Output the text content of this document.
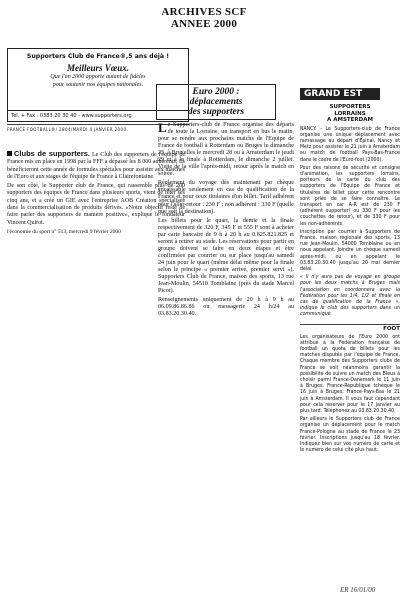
ARCHIVES SCF
ANNEE 2000
Supporters Club de France®,5 ans déjà !
Meilleurs Vœux.
Que l'an 2000 apporte autant de fidèles
pour soutenir nos équipes nationales.
Tél. + Fax : 0383 20 30 40 - www.supporters.org
FRANCE FOOTBALL®/ 2804/MARDI 4 JANVIER 2000

Clubs de supporters. Le Club des supporters de l'équipe de France mis en place en 1998 par la FFF a dépassé les 8 000 adhérents. Ils bénéficieront cette année de formules spéciales pour assister aux matches de l'Euro et aux stages de l'équipe de France à Clairefontaine.

De son côté, le Supporter club de France, qui rassemble plus de 200 supporters des équipes de France dans plusieurs sports, vient de fêter ses cinq ans, et a créé un GIE avec l'entreprise AOB Création spécialisée dans la commercialisation de produits dérivés. «Notre objectif reste de faire parler des supporters de manière positive», explique le fondateur Vincent Quirot.

l'économie du sport n° 513, mercredi 9 février 2000

Euro 2000 :
déplacements
des supporters

Le Supporters-club de France organise des départs de toute la Lorraine, un transport en bus le matin, pour se rendre aux prochains matchs de l'Equipe de France de football à Rotterdam ou Bruges le dimanche 25, à Bruxelles le mercredi 28 ou à Amsterdam le jeudi 29 et à la finale à Rotterdam, le dimanche 2 juillet. Visite de la ville l'après-midi, retour après le match en soirée.

Règlement du voyage dès maintenant par chèque encaissable seulement en cas de qualification de la France et pour ceux titulaires d'un billet. Tarif adhérent pour l'aller-retour : 230 F ; non adhérent : 330 F (quelle que soit la destination).

Les billets pour le quart, la demie et la finale respectivement de 320 F, 345 F et 555 F sont à acheter par carte bancaire de 9 h à 20 h au 0.825.821.825 et seront à retirer au stade. Les réservations pour partir en groupe doivent se faire en deux étapes et être confirmées par courrier ou sur place jusqu'au samedi 24 juin pour le quart (même délai même pour la finale selon le principe « premier arrivé, premier servi »). Supporters Club de France, maison des sports, 13 rue Jean-Moulin, 54510 Tomblaine (près du stade Marcel Picot).

Renseignements uniquement de 20 h à 9 h au 06.09.86.86.86 ou messagerie 24 h/24 au 03.83.20.30.40.

GRAND EST
SUPPORTERS
LORRAINS
A AMSTERDAM

NANCY. - Le Supporters-club de France organise une unique déplacement avec ramassage au départ d'Epinal, Nancy et Metz pour assister le 21 juin à Amsterdam au match de football Pays-Bas-France dans le cadre de l'Euro-foot (2000).

Pour des raisons de sécurité et consigne d'animation, les supporters lorrains, porteurs de la carte du club des supporters de l'Equipe de France et titulaires de billet pour cette rencontre sont priés de se faire connaître. Le transport en car A-R est de 230 F (adhérent supporter) ou 330 F pour les couchettes de retour), et de 330 F pour les non-adhérents.

Inscription par courrier à Supporters de France, maison régionale des sports, 13 rue Jean-Moulin, 54000 Tomblaine ou en nous appelant. Joindre un chèque samedi après-midi, ou en appelant le 03.83.20.30.40 jusqu'au 20 mai dernier délai.

« Il n'y aura pas de voyage en groupe pour les deux matchs à Bruges mais l'association en coordonnera avec la Fédération pour les 1/4, 1/2 et finale en cas de qualification de la France », indique le club des supporters dans un communiqué.

FOOT

Les organisateurs de l'Euro 2000 ont attribué à la Fédération française de football un quota de billets pour les matches disputés par l'équipe de France. Chaque membre des Supporters clubs de France se voit néanmoins garantir la possibilité de suivre un match des Bleus à choisir parmi France-Danemark le 11 juin à Bruges, France-République tchèque le 16 juin à Bruges, France-Pays-Bas le 21 juin à Amsterdam. Il vous faut cependant pour cela réserver pour le 17 janvier au plus tard. Téléphonez au 03.83.20.30.40.

Par ailleurs le Supporters club de France organise un déplacement pour le match France-Pologne au stade de France le 23 février. Inscriptions jusqu'au 18 février. Indiquez bien sur vos numéro de carte et le numéro de celui cité plus haut.

ER 16/01/00
